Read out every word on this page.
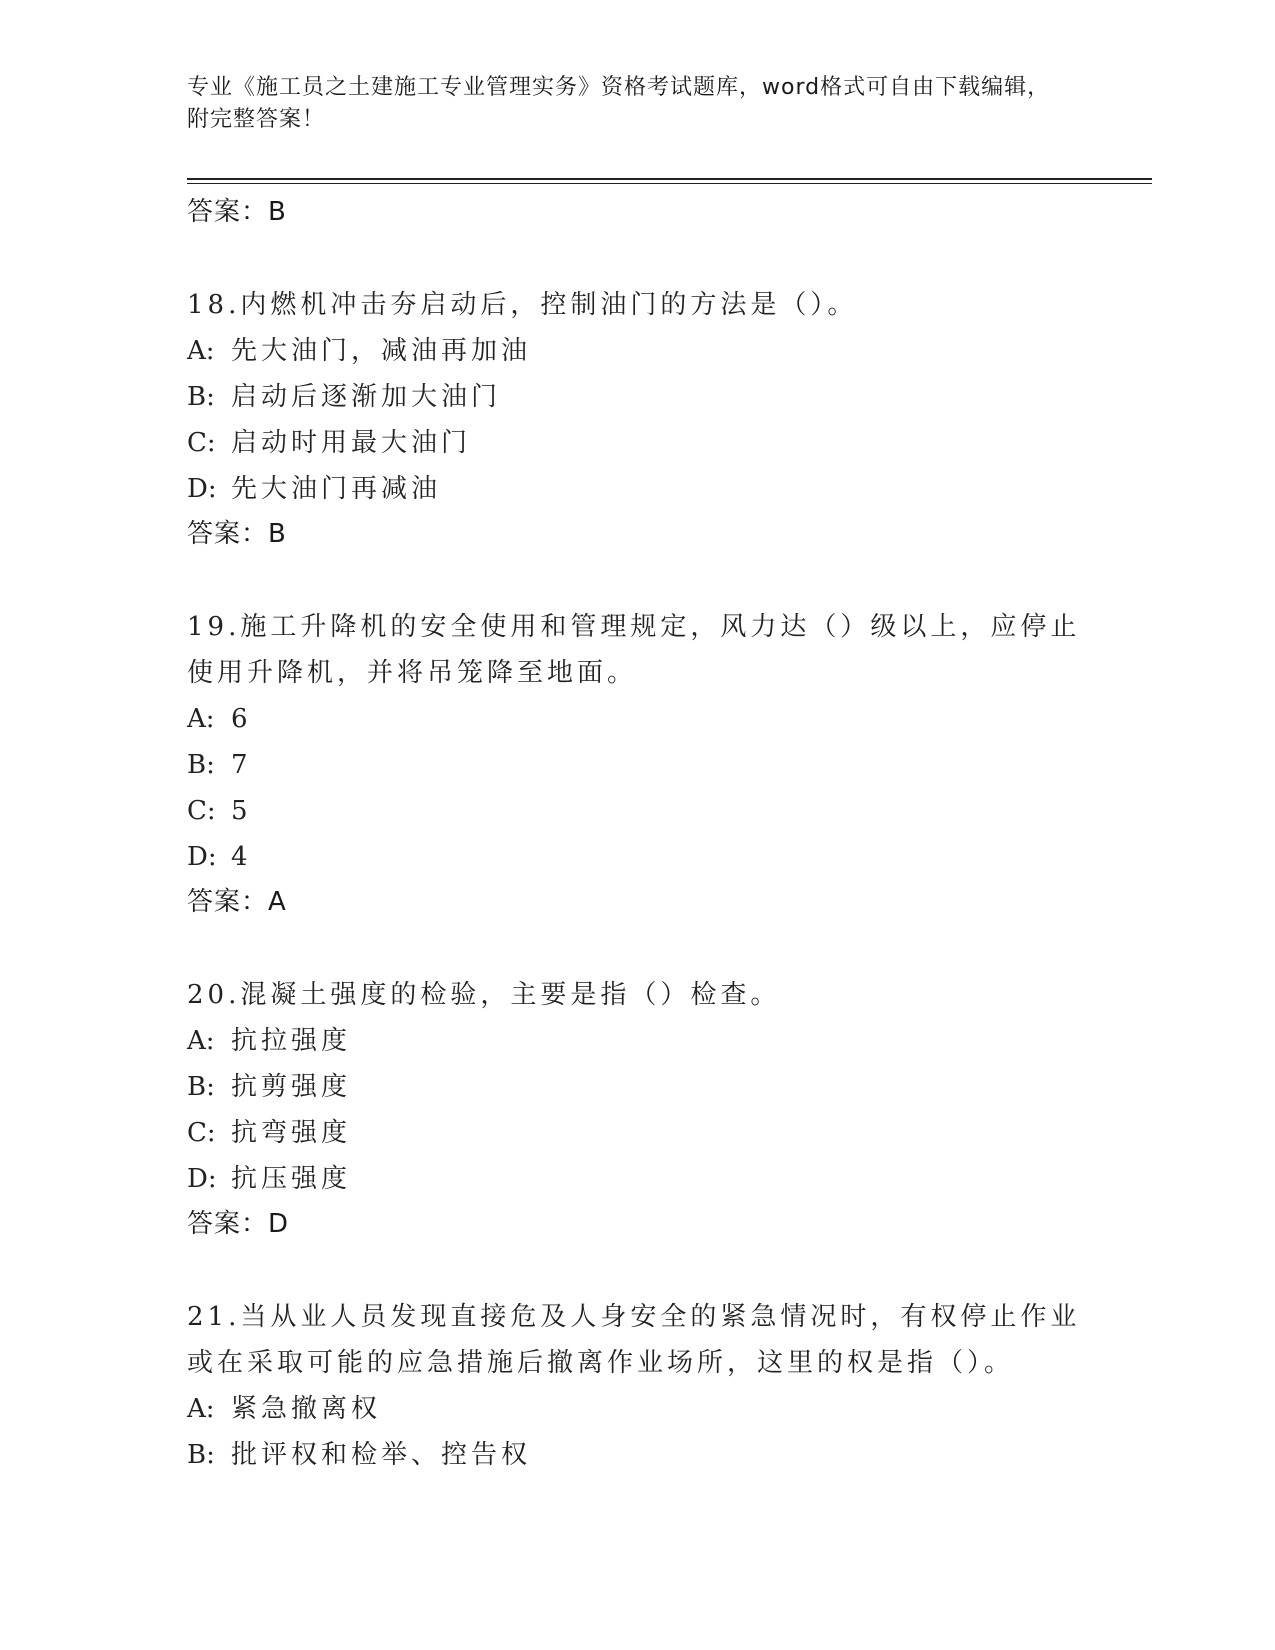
专业《施工员之土建施工专业管理实务》资格考试题库，word格式可自由下载编辑，附完整答案！
答案：B
18.内燃机冲击夯启动后，控制油门的方法是（）。
A: 先大油门，减油再加油
B: 启动后逐渐加大油门
C: 启动时用最大油门
D: 先大油门再减油
答案：B
19.施工升降机的安全使用和管理规定，风力达（）级以上，应停止使用升降机，并将吊笼降至地面。
A: 6
B: 7
C: 5
D: 4
答案：A
20.混凝土强度的检验，主要是指（）检查。
A: 抗拉强度
B: 抗剪强度
C: 抗弯强度
D: 抗压强度
答案：D
21.当从业人员发现直接危及人身安全的紧急情况时，有权停止作业或在采取可能的应急措施后撤离作业场所，这里的权是指（）。
A: 紧急撤离权
B: 批评权和检举、控告权
